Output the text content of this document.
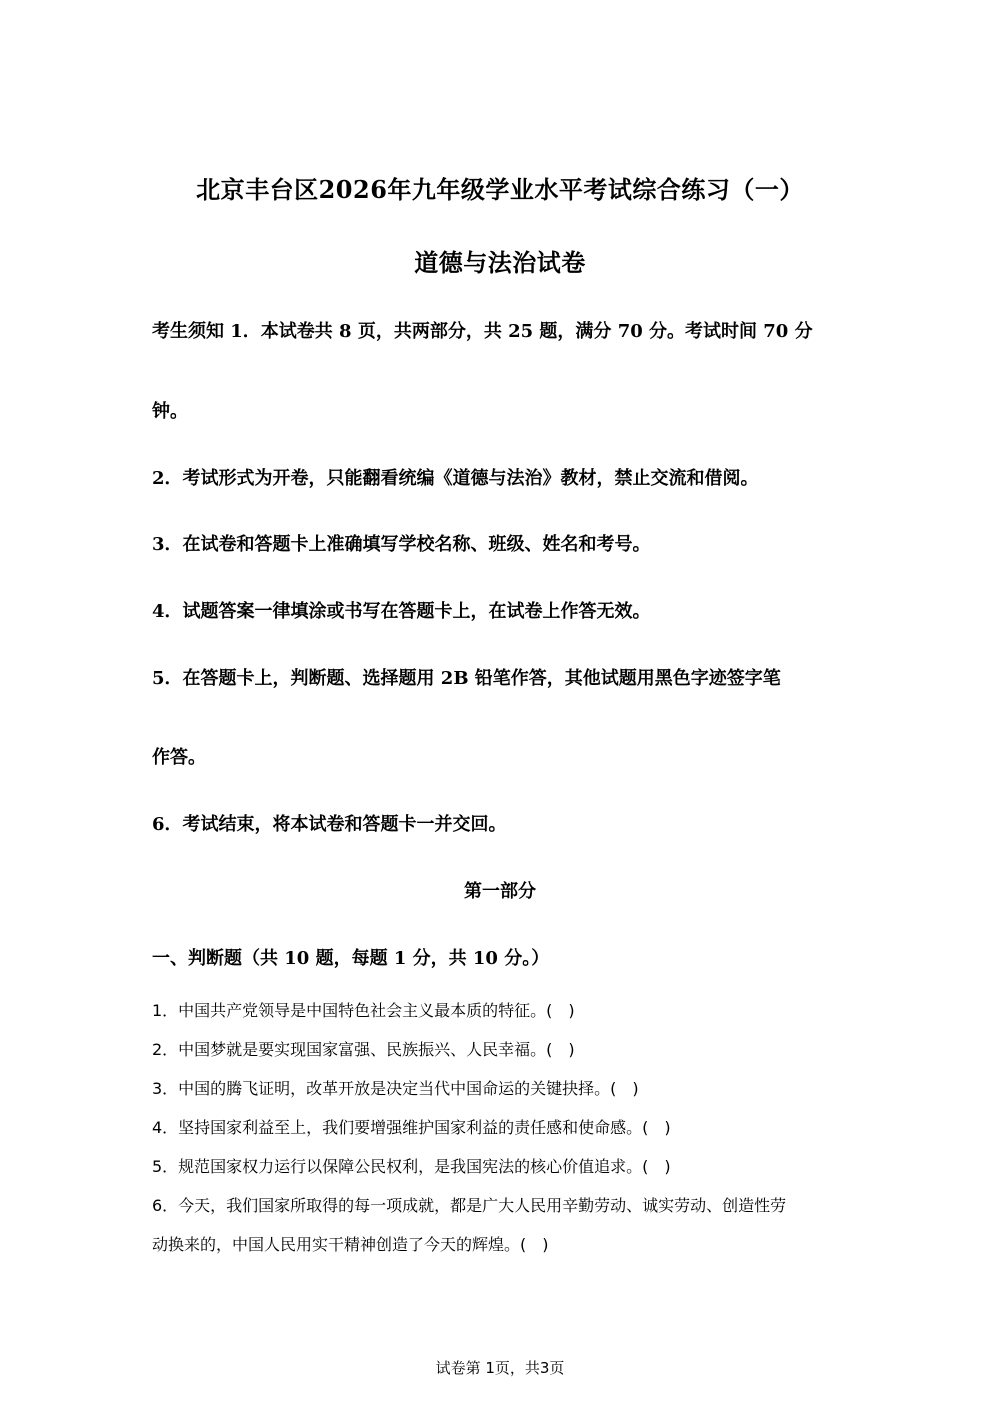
北京丰台区2026年九年级学业水平考试综合练习（一）
道德与法治试卷
考生须知 1．本试卷共 8 页，共两部分，共 25 题，满分 70 分。考试时间 70 分
钟。
2．考试形式为开卷，只能翻看统编《道德与法治》教材，禁止交流和借阅。
3．在试卷和答题卡上准确填写学校名称、班级、姓名和考号。
4．试题答案一律填涂或书写在答题卡上，在试卷上作答无效。
5．在答题卡上，判断题、选择题用 2B 铅笔作答，其他试题用黑色字迹签字笔
作答。
6．考试结束，将本试卷和答题卡一并交回。
第一部分
一、判断题（共 10 题，每题 1 分，共 10 分。）
1．中国共产党领导是中国特色社会主义最本质的特征。(　)
2．中国梦就是要实现国家富强、民族振兴、人民幸福。(　)
3．中国的腾飞证明，改革开放是决定当代中国命运的关键抉择。(　)
4．坚持国家利益至上，我们要增强维护国家利益的责任感和使命感。(　)
5．规范国家权力运行以保障公民权利，是我国宪法的核心价值追求。(　)
6．今天，我们国家所取得的每一项成就，都是广大人民用辛勤劳动、诚实劳动、创造性劳
动换来的，中国人民用实干精神创造了今天的辉煌。(　)
试卷第 1页，共3页
